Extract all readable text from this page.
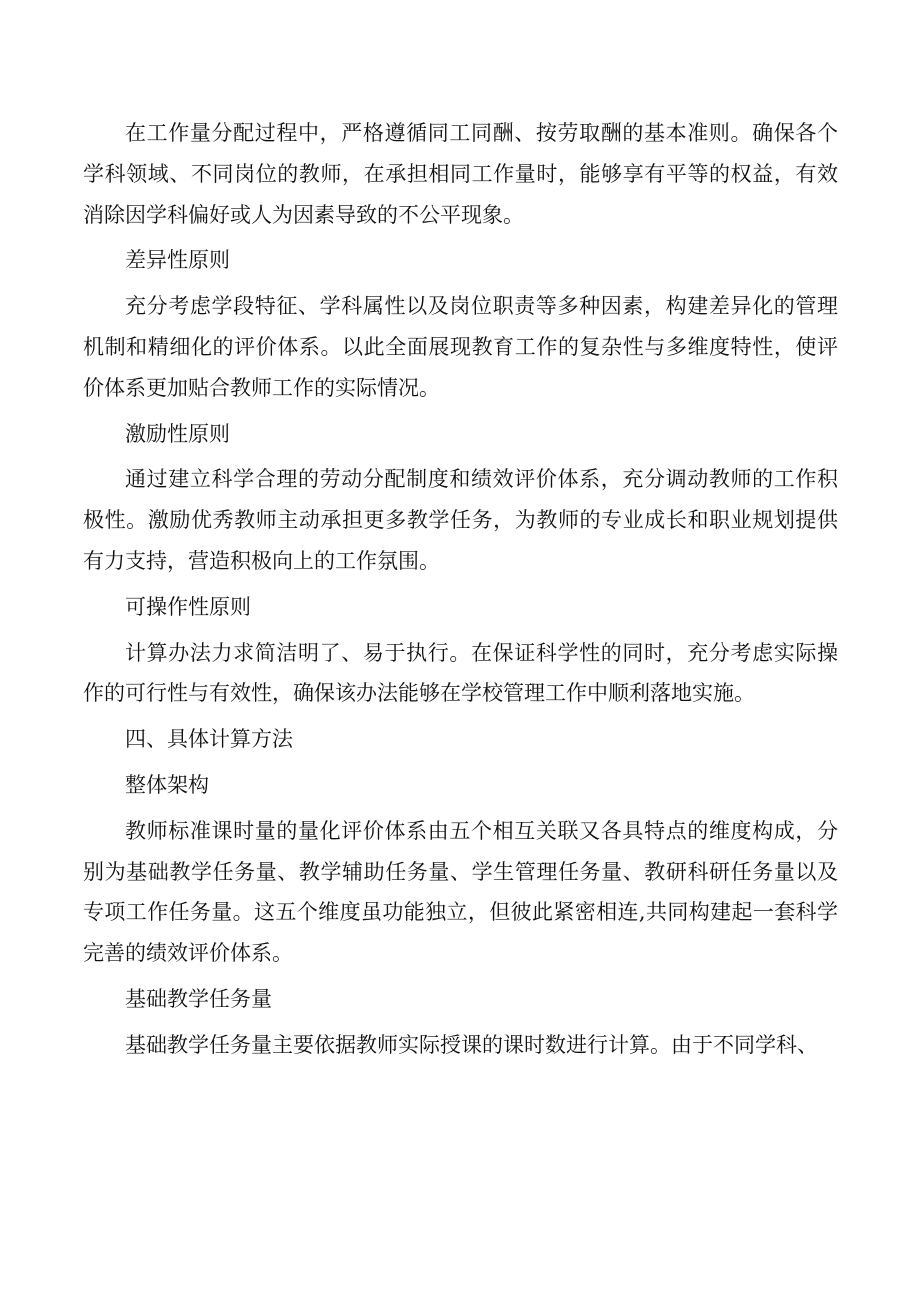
在工作量分配过程中，严格遵循同工同酬、按劳取酬的基本准则。确保各个学科领域、不同岗位的教师，在承担相同工作量时，能够享有平等的权益，有效消除因学科偏好或人为因素导致的不公平现象。

差异性原则

充分考虑学段特征、学科属性以及岗位职责等多种因素，构建差异化的管理机制和精细化的评价体系。以此全面展现教育工作的复杂性与多维度特性，使评价体系更加贴合教师工作的实际情况。

激励性原则

通过建立科学合理的劳动分配制度和绩效评价体系，充分调动教师的工作积极性。激励优秀教师主动承担更多教学任务，为教师的专业成长和职业规划提供有力支持，营造积极向上的工作氛围。

可操作性原则

计算办法力求简洁明了、易于执行。在保证科学性的同时，充分考虑实际操作的可行性与有效性，确保该办法能够在学校管理工作中顺利落地实施。

四、具体计算方法

整体架构

教师标准课时量的量化评价体系由五个相互关联又各具特点的维度构成，分别为基础教学任务量、教学辅助任务量、学生管理任务量、教研科研任务量以及专项工作任务量。这五个维度虽功能独立，但彼此紧密相连,共同构建起一套科学完善的绩效评价体系。

基础教学任务量

基础教学任务量主要依据教师实际授课的课时数进行计算。由于不同学科、
